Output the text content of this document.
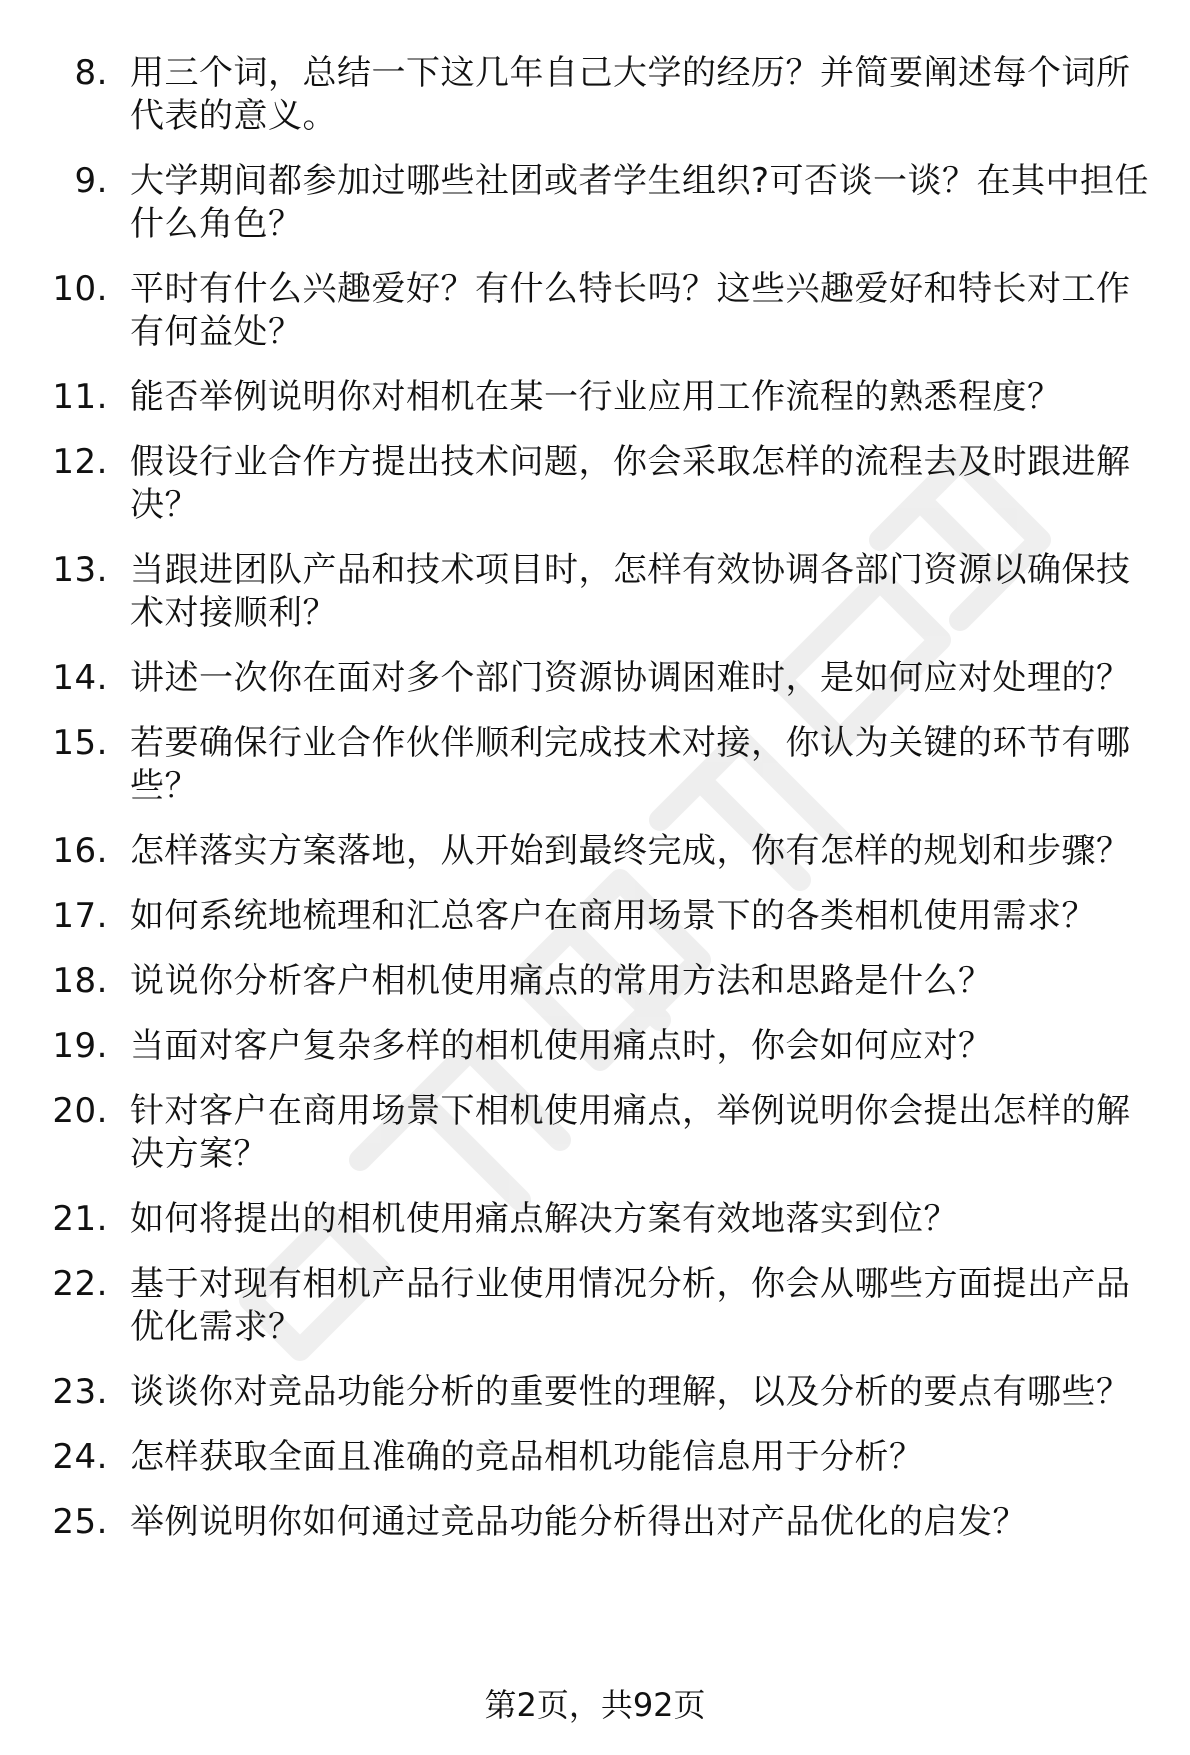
8. 用三个词，总结一下这几年自己大学的经历？并简要阐述每个词所代表的意义。
9. 大学期间都参加过哪些社团或者学生组织?可否谈一谈？在其中担任什么角色？
10. 平时有什么兴趣爱好？有什么特长吗？这些兴趣爱好和特长对工作有何益处？
11. 能否举例说明你对相机在某一行业应用工作流程的熟悉程度？
12. 假设行业合作方提出技术问题，你会采取怎样的流程去及时跟进解决？
13. 当跟进团队产品和技术项目时，怎样有效协调各部门资源以确保技术对接顺利？
14. 讲述一次你在面对多个部门资源协调困难时，是如何应对处理的？
15. 若要确保行业合作伙伴顺利完成技术对接，你认为关键的环节有哪些？
16. 怎样落实方案落地，从开始到最终完成，你有怎样的规划和步骤？
17. 如何系统地梳理和汇总客户在商用场景下的各类相机使用需求？
18. 说说你分析客户相机使用痛点的常用方法和思路是什么？
19. 当面对客户复杂多样的相机使用痛点时，你会如何应对？
20. 针对客户在商用场景下相机使用痛点，举例说明你会提出怎样的解决方案？
21. 如何将提出的相机使用痛点解决方案有效地落实到位？
22. 基于对现有相机产品行业使用情况分析，你会从哪些方面提出产品优化需求？
23. 谈谈你对竞品功能分析的重要性的理解，以及分析的要点有哪些？
24. 怎样获取全面且准确的竞品相机功能信息用于分析？
25. 举例说明你如何通过竞品功能分析得出对产品优化的启发？
第2页，共92页
